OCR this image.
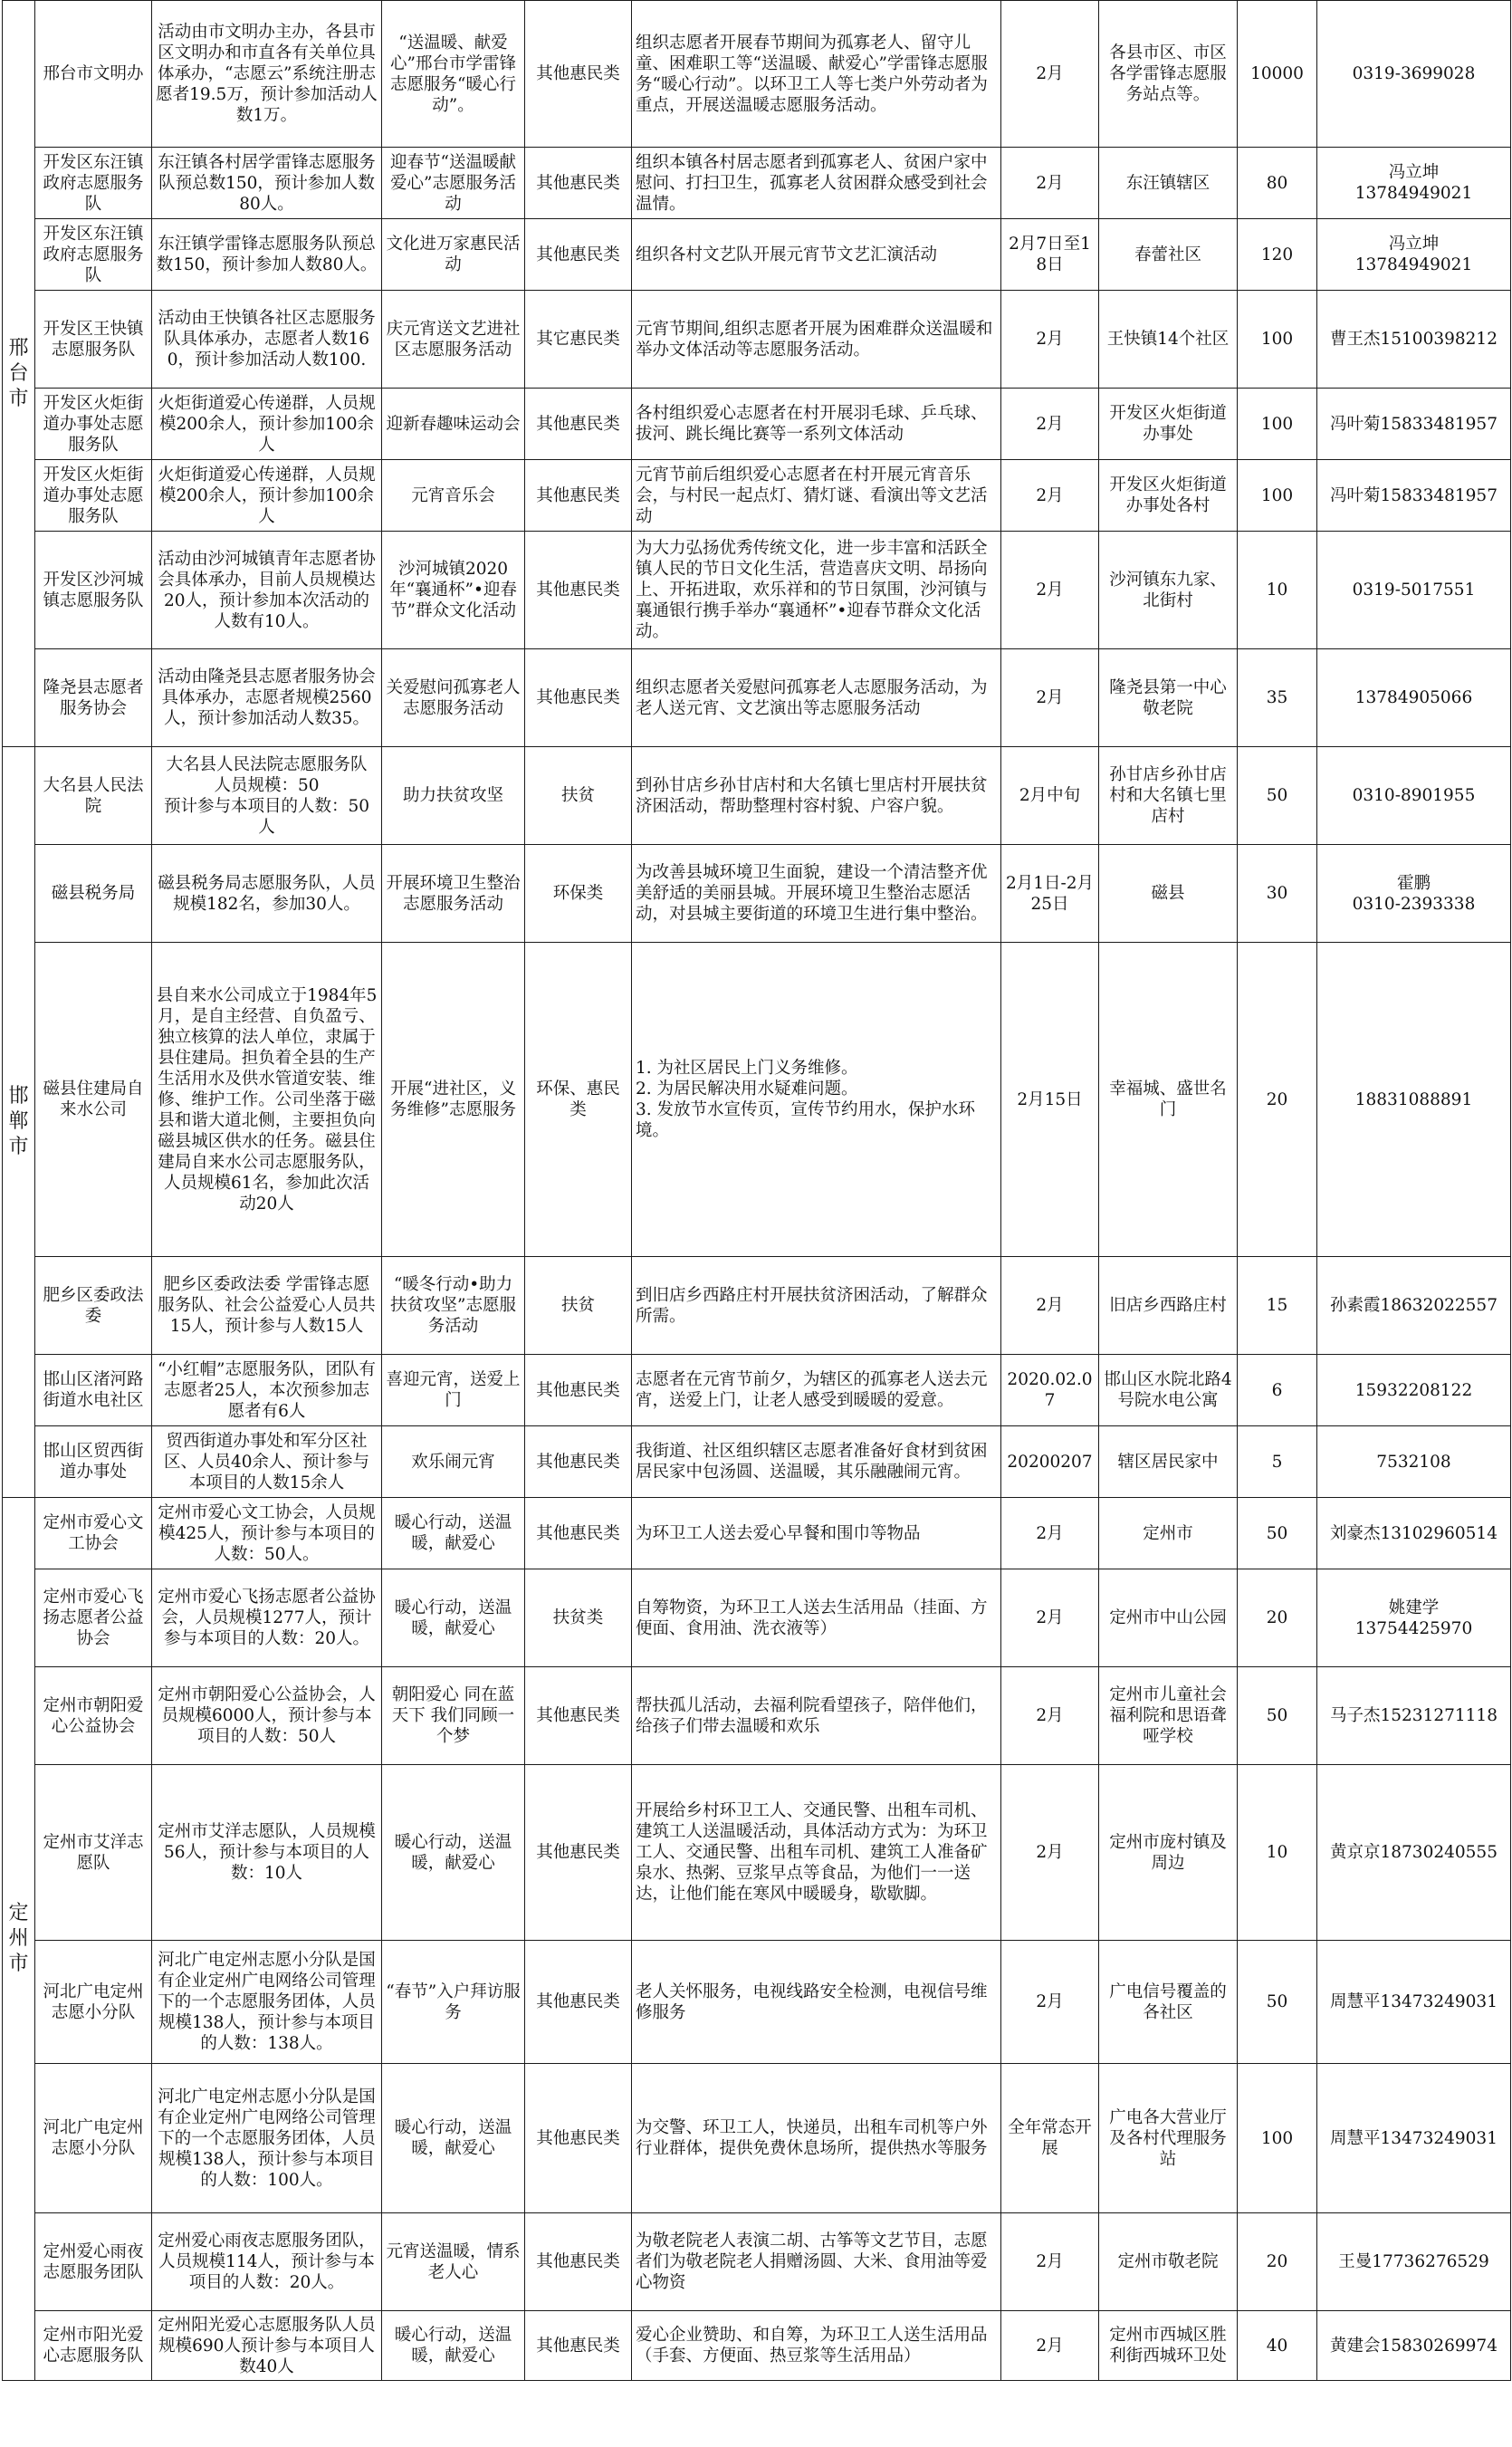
邢台市	邢台市文明办	活动由市文明办主办，各县市区文明办和市直各有关单位具体承办，“志愿云”系统注册志愿者19.5万，预计参加活动人数1万。	“送温暖、献爱心”邢台市学雷锋志愿服务“暖心行动”。	其他惠民类	组织志愿者开展春节期间为孤寡老人、留守儿童、困难职工等“送温暖、献爱心”学雷锋志愿服务“暖心行动”。以环卫工人等七类户外劳动者为重点，开展送温暖志愿服务活动。	2月	各县市区、市区各学雷锋志愿服务站点等。	10000	0319-3699028
	开发区东汪镇政府志愿服务队	东汪镇各村居学雷锋志愿服务队预总数150，预计参加人数80人。	迎春节“送温暖献爱心”志愿服务活动	其他惠民类	组织本镇各村居志愿者到孤寡老人、贫困户家中慰问、打扫卫生，孤寡老人贫困群众感受到社会温情。	2月	东汪镇辖区	80	冯立坤
13784949021
	开发区东汪镇政府志愿服务队	东汪镇学雷锋志愿服务队预总数150，预计参加人数80人。	文化进万家惠民活动	其他惠民类	组织各村文艺队开展元宵节文艺汇演活动	2月7日至18日	春蕾社区	120	冯立坤
13784949021
	开发区王快镇志愿服务队	活动由王快镇各社区志愿服务队具体承办，志愿者人数160，预计参加活动人数100.	庆元宵送文艺进社区志愿服务活动	其它惠民类	元宵节期间,组织志愿者开展为困难群众送温暖和举办文体活动等志愿服务活动。	2月	王快镇14个社区	100	曹王杰15100398212
	开发区火炬街道办事处志愿服务队	火炬街道爱心传递群，人员规模200余人，预计参加100余人	迎新春趣味运动会	其他惠民类	各村组织爱心志愿者在村开展羽毛球、乒乓球、拔河、跳长绳比赛等一系列文体活动	2月	开发区火炬街道办事处	100	冯叶菊15833481957
	开发区火炬街道办事处志愿服务队	火炬街道爱心传递群，人员规模200余人，预计参加100余人	元宵音乐会	其他惠民类	元宵节前后组织爱心志愿者在村开展元宵音乐会，与村民一起点灯、猜灯谜、看演出等文艺活动	2月	开发区火炬街道办事处各村	100	冯叶菊15833481957
	开发区沙河城镇志愿服务队	活动由沙河城镇青年志愿者协会具体承办，目前人员规模达20人，预计参加本次活动的人数有10人。	沙河城镇2020年“襄通杯”•迎春节”群众文化活动	其他惠民类	为大力弘扬优秀传统文化，进一步丰富和活跃全镇人民的节日文化生活，营造喜庆文明、昂扬向上、开拓进取，欢乐祥和的节日氛围，沙河镇与襄通银行携手举办“襄通杯”•迎春节群众文化活动。	2月	沙河镇东九家、北街村	10	0319-5017551
	隆尧县志愿者服务协会	活动由隆尧县志愿者服务协会具体承办，志愿者规模2560人，预计参加活动人数35。	关爱慰问孤寡老人志愿服务活动	其他惠民类	组织志愿者关爱慰问孤寡老人志愿服务活动，为老人送元宵、文艺演出等志愿服务活动	2月	隆尧县第一中心敬老院	35	13784905066
邯郸市	大名县人民法院	大名县人民法院志愿服务队
人员规模：50
预计参与本项目的人数：50人	助力扶贫攻坚	扶贫	到孙甘店乡孙甘店村和大名镇七里店村开展扶贫济困活动，帮助整理村容村貌、户容户貌。	2月中旬	孙甘店乡孙甘店村和大名镇七里店村	50	0310-8901955
	磁县税务局	磁县税务局志愿服务队，人员规模182名，参加30人。	开展环境卫生整治志愿服务活动	环保类	为改善县城环境卫生面貌，建设一个清洁整齐优美舒适的美丽县城。开展环境卫生整治志愿活动，对县城主要街道的环境卫生进行集中整治。	2月1日-2月25日	磁县	30	霍鹏
0310-2393338
	磁县住建局自来水公司	县自来水公司成立于1984年5月，是自主经营、自负盈亏、独立核算的法人单位，隶属于县住建局。担负着全县的生产生活用水及供水管道安装、维修、维护工作。公司坐落于磁县和谐大道北侧，主要担负向磁县城区供水的任务。磁县住建局自来水公司志愿服务队，人员规模61名，参加此次活动20人	开展“进社区，义务维修”志愿服务	环保、惠民类	1. 为社区居民上门义务维修。
2. 为居民解决用水疑难问题。
3. 发放节水宣传页，宣传节约用水，保护水环境。	2月15日	幸福城、盛世名门	20	18831088891
	肥乡区委政法委	肥乡区委政法委 学雷锋志愿服务队、社会公益爱心人员共15人，预计参与人数15人	“暖冬行动•助力扶贫攻坚”志愿服务活动	扶贫	到旧店乡西路庄村开展扶贫济困活动，了解群众所需。	2月	旧店乡西路庄村	15	孙素霞18632022557
	邯山区渚河路街道水电社区	“小红帽”志愿服务队，团队有志愿者25人，本次预参加志愿者有6人	喜迎元宵，送爱上门	其他惠民类	志愿者在元宵节前夕，为辖区的孤寡老人送去元宵，送爱上门，让老人感受到暖暖的爱意。	2020.02.07	邯山区水院北路4号院水电公寓	6	15932208122
	邯山区贸西街道办事处	贸西街道办事处和军分区社区、人员40余人、预计参与本项目的人数15余人	欢乐闹元宵	其他惠民类	我街道、社区组织辖区志愿者准备好食材到贫困居民家中包汤圆、送温暖，其乐融融闹元宵。	20200207	辖区居民家中	5	7532108
定州市	定州市爱心文工协会	定州市爱心文工协会，人员规模425人，预计参与本项目的人数：50人。	暖心行动，送温暖，献爱心	其他惠民类	为环卫工人送去爱心早餐和围巾等物品	2月	定州市	50	刘豪杰13102960514
	定州市爱心飞扬志愿者公益协会	定州市爱心飞扬志愿者公益协会，人员规模1277人，预计参与本项目的人数：20人。	暖心行动，送温暖，献爱心	扶贫类	自筹物资，为环卫工人送去生活用品（挂面、方便面、食用油、洗衣液等）	2月	定州市中山公园	20	姚建学
13754425970
	定州市朝阳爱心公益协会	定州市朝阳爱心公益协会，人员规模6000人，预计参与本项目的人数：50人	朝阳爱心 同在蓝天下 我们同顾一个梦	其他惠民类	帮扶孤儿活动，去福利院看望孩子，陪伴他们，给孩子们带去温暖和欢乐	2月	定州市儿童社会福利院和思语聋哑学校	50	马子杰15231271118
	定州市艾洋志愿队	定州市艾洋志愿队，人员规模56人，预计参与本项目的人数：10人	暖心行动，送温暖，献爱心	其他惠民类	开展给乡村环卫工人、交通民警、出租车司机、建筑工人送温暖活动，具体活动方式为：为环卫工人、交通民警、出租车司机、建筑工人准备矿泉水、热粥、豆浆早点等食品，为他们一一送达，让他们能在寒风中暖暖身，歇歇脚。	2月	定州市庞村镇及周边	10	黄京京18730240555
	河北广电定州志愿小分队	河北广电定州志愿小分队是国有企业定州广电网络公司管理下的一个志愿服务团体，人员规模138人，预计参与本项目的人数：138人。	“春节”入户拜访服务	其他惠民类	老人关怀服务，电视线路安全检测，电视信号维修服务	2月	广电信号覆盖的各社区	50	周慧平13473249031
	河北广电定州志愿小分队	河北广电定州志愿小分队是国有企业定州广电网络公司管理下的一个志愿服务团体，人员规模138人，预计参与本项目的人数：100人。	暖心行动，送温暖，献爱心	其他惠民类	为交警、环卫工人，快递员，出租车司机等户外行业群体，提供免费休息场所，提供热水等服务	全年常态开展	广电各大营业厅及各村代理服务站	100	周慧平13473249031
	定州爱心雨夜志愿服务团队	定州爱心雨夜志愿服务团队，人员规模114人，预计参与本项目的人数：20人。	元宵送温暖，情系老人心	其他惠民类	为敬老院老人表演二胡、古筝等文艺节目，志愿者们为敬老院老人捐赠汤圆、大米、食用油等爱心物资	2月	定州市敬老院	20	王曼17736276529
	定州市阳光爱心志愿服务队	定州阳光爱心志愿服务队人员规模690人预计参与本项目人数40人	暖心行动，送温暖，献爱心	其他惠民类	爱心企业赞助、和自筹，为环卫工人送生活用品（手套、方便面、热豆浆等生活用品）	2月	定州市西城区胜利街西城环卫处	40	黄建会15830269974
